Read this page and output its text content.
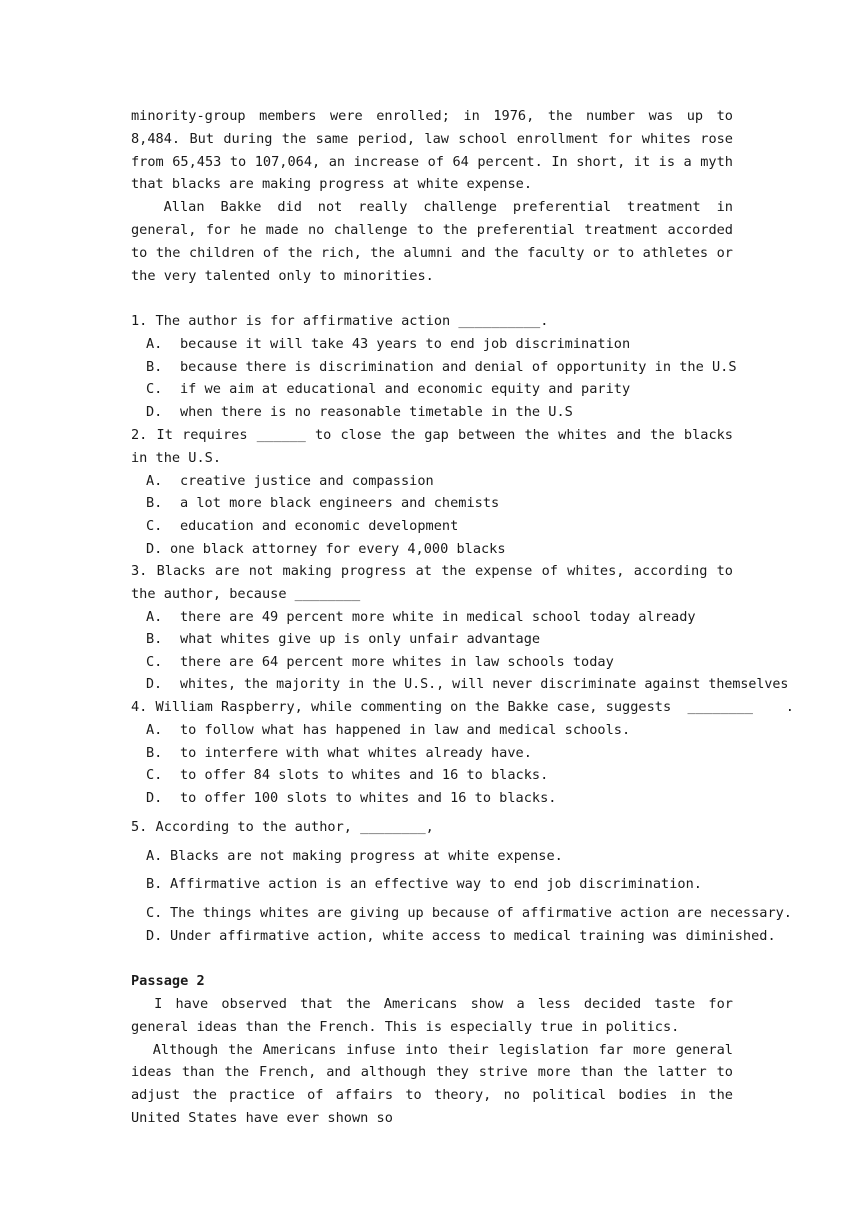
minority-group members were enrolled; in 1976, the number was up to 8,484. But during the same period, law school enrollment for whites rose from 65,453 to 107,064, an increase of 64 percent. In short, it is a myth that blacks are making progress at white expense.

Allan Bakke did not really challenge preferential treatment in general, for he made no challenge to the preferential treatment accorded to the children of the rich, the alumni and the faculty or to athletes or the very talented only to minorities.

1. The author is for affirmative action __________.

A. because it will take 43 years to end job discrimination

B. because there is discrimination and denial of opportunity in the U.S

C. if we aim at educational and economic equity and parity

D. when there is no reasonable timetable in the U.S

2. It requires ______ to close the gap between the whites and the blacks in the U.S.

A. creative justice and compassion

B. a lot more black engineers and chemists

C. education and economic development

D. one black attorney for every 4,000 blacks

3. Blacks are not making progress at the expense of whites, according to the author, because ________

A. there are 49 percent more white in medical school today already

B. what whites give up is only unfair advantage

C. there are 64 percent more whites in law schools today

D. whites, the majority in the U.S., will never discriminate against themselves

4. William Raspberry, while commenting on the Bakke case, suggests  ________    .

A. to follow what has happened in law and medical schools.

B. to interfere with what whites already have.

C. to offer 84 slots to whites and 16 to blacks.

D. to offer 100 slots to whites and 16 to blacks.

5. According to the author, ________,

A. Blacks are not making progress at white expense.

B. Affirmative action is an effective way to end job discrimination.

C. The things whites are giving up because of affirmative action are necessary.

D. Under affirmative action, white access to medical training was diminished.

Passage 2

I have observed that the Americans show a less decided taste for general ideas than the French. This is especially true in politics.

Although the Americans infuse into their legislation far more general ideas than the French, and although they strive more than the latter to adjust the practice of affairs to theory, no political bodies in the United States have ever shown so
